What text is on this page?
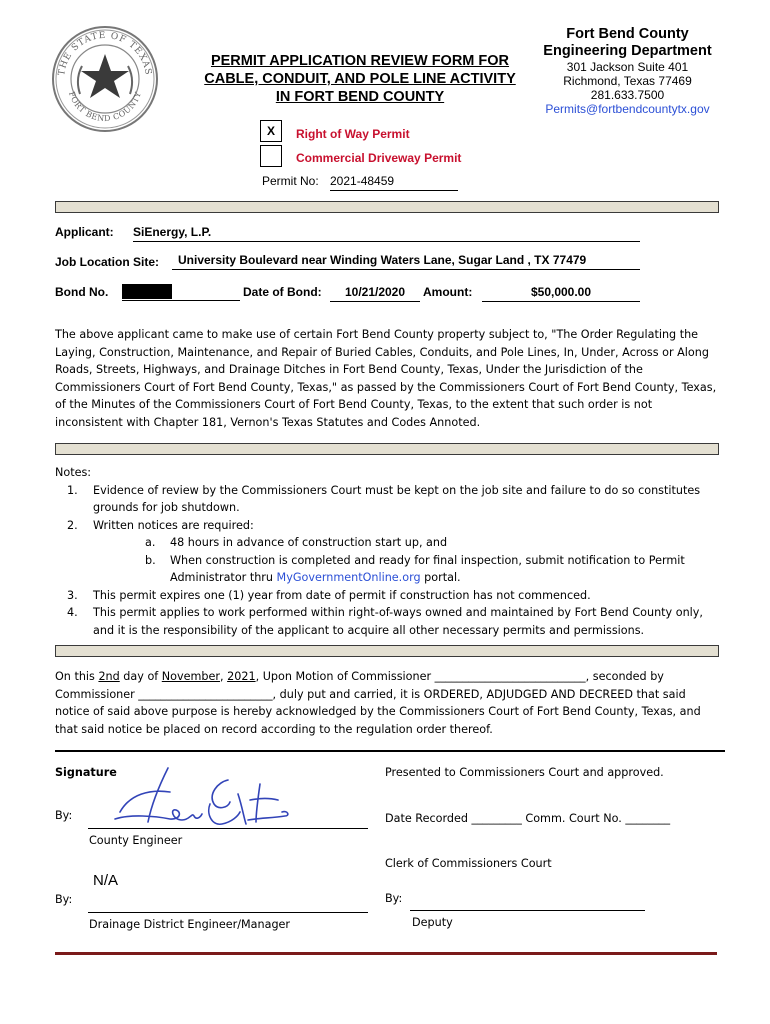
THE STATE OF TEXAS
FORT BEND COUNTY
PERMIT APPLICATION REVIEW FORM FOR
CABLE, CONDUIT, AND POLE LINE ACTIVITY
IN FORT BEND COUNTY
Fort Bend County
Engineering Department
301 Jackson Suite 401
Richmond, Texas 77469
281.633.7500
Permits@fortbendcountytx.gov
X	Right of Way Permit
Commercial Driveway Permit
Permit No: 2021-48459
Applicant: SiEnergy, L.P.
Job Location Site:	University Boulevard near Winding Waters Lane, Sugar Land , TX 77479
Bond No.	Date of Bond:	10/21/2020	Amount:	$50,000.00
The above applicant came to make use of certain Fort Bend County property subject to, "The Order Regulating the
Laying, Construction, Maintenance, and Repair of Buried Cables, Conduits, and Pole Lines, In, Under, Across or Along
Roads, Streets, Highways, and Drainage Ditches in Fort Bend County, Texas, Under the Jurisdiction of the
Commissioners Court of Fort Bend County, Texas," as passed by the Commissioners Court of Fort Bend County, Texas,
of the Minutes of the Commissioners Court of Fort Bend County, Texas, to the extent that such order is not
inconsistent with Chapter 181, Vernon's Texas Statutes and Codes Annoted.
Notes:
1. Evidence of review by the Commissioners Court must be kept on the job site and failure to do so constitutes
grounds for job shutdown.
2. Written notices are required:
a. 48 hours in advance of construction start up, and
b. When construction is completed and ready for final inspection, submit notification to Permit
Administrator thru MyGovernmentOnline.org portal.
3. This permit expires one (1) year from date of permit if construction has not commenced.
4. This permit applies to work performed within right-of-ways owned and maintained by Fort Bend County only,
and it is the responsibility of the applicant to acquire all other necessary permits and permissions.
On this 2nd day of November, 2021, Upon Motion of Commissioner ___________________________, seconded by
Commissioner ________________________, duly put and carried, it is ORDERED, ADJUDGED AND DECREED that said
notice of said above purpose is hereby acknowledged by the Commissioners Court of Fort Bend County, Texas, and
that said notice be placed on record according to the regulation order thereof.
Signature
By:
County Engineer
N/A
By:
Drainage District Engineer/Manager
Presented to Commissioners Court and approved.
Date Recorded _________ Comm. Court No. ________
Clerk of Commissioners Court
By:
Deputy
